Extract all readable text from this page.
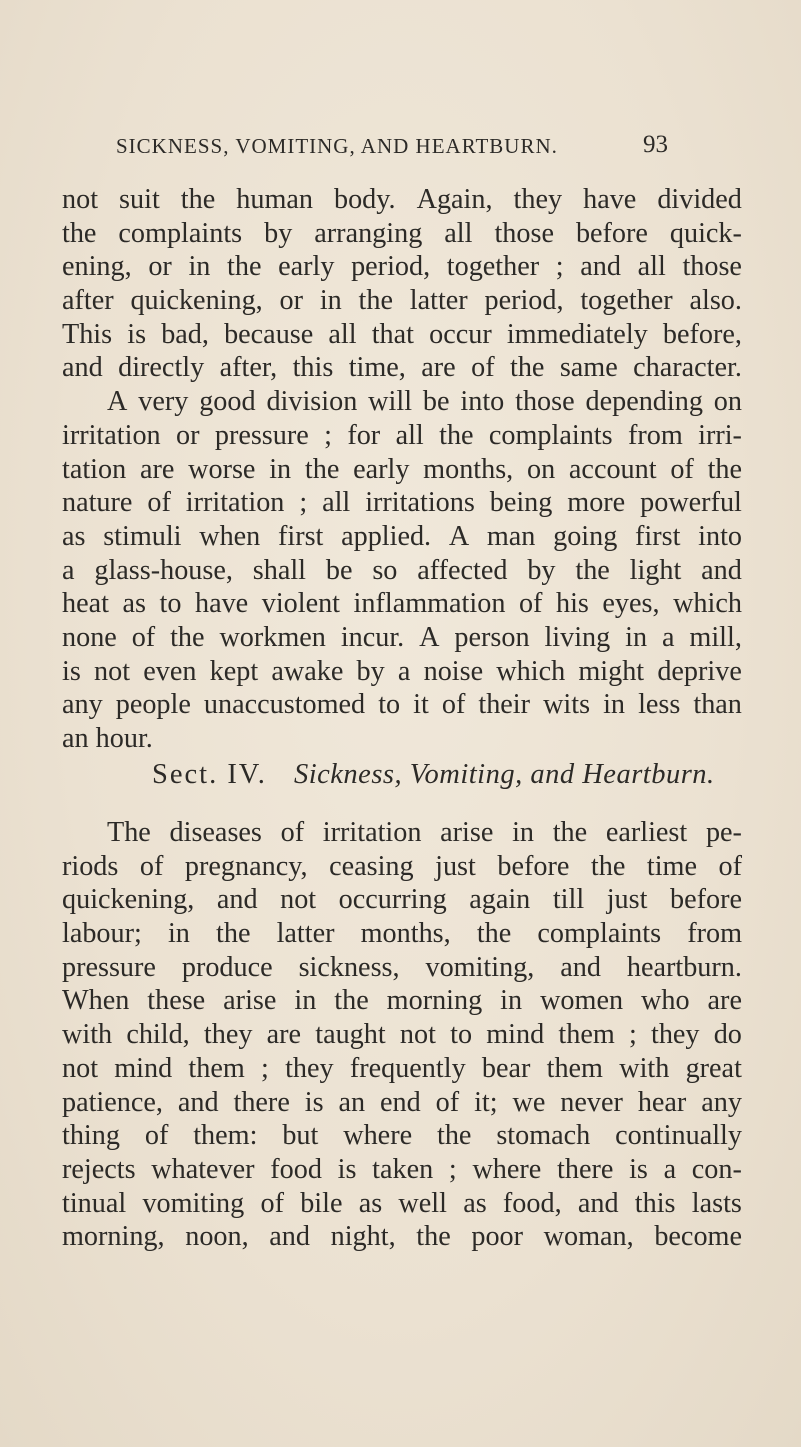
SICKNESS, VOMITING, AND HEARTBURN.	93
not suit the human body. Again, they have divided
the complaints by arranging all those before quick-
ening, or in the early period, together ; and all those
after quickening, or in the latter period, together also.
This is bad, because all that occur immediately before,
and directly after, this time, are of the same character.
A very good division will be into those depending on
irritation or pressure ; for all the complaints from irri-
tation are worse in the early months, on account of the
nature of irritation ; all irritations being more powerful
as stimuli when first applied. A man going first into
a glass-house, shall be so affected by the light and
heat as to have violent inflammation of his eyes, which
none of the workmen incur. A person living in a mill,
is not even kept awake by a noise which might deprive
any people unaccustomed to it of their wits in less than
an
hour.
Sect. IV. Sickness, Vomiting, and Heartburn.
The diseases of irritation arise in the earliest pe-
riods of pregnancy, ceasing just before the time of
quickening, and not occurring again till just before
labour; in the latter months, the complaints from
pressure produce sickness, vomiting, and heartburn.
When these arise in the morning in women who are
with child, they are taught not to mind them ; they do
not mind them ; they frequently bear them with great
patience, and there is an end of it; we never hear any
thing of them: but where the stomach continually
rejects whatever food is taken ; where there is a con-
tinual vomiting of bile as well as food, and this lasts
morning, noon, and night, the poor woman, become
